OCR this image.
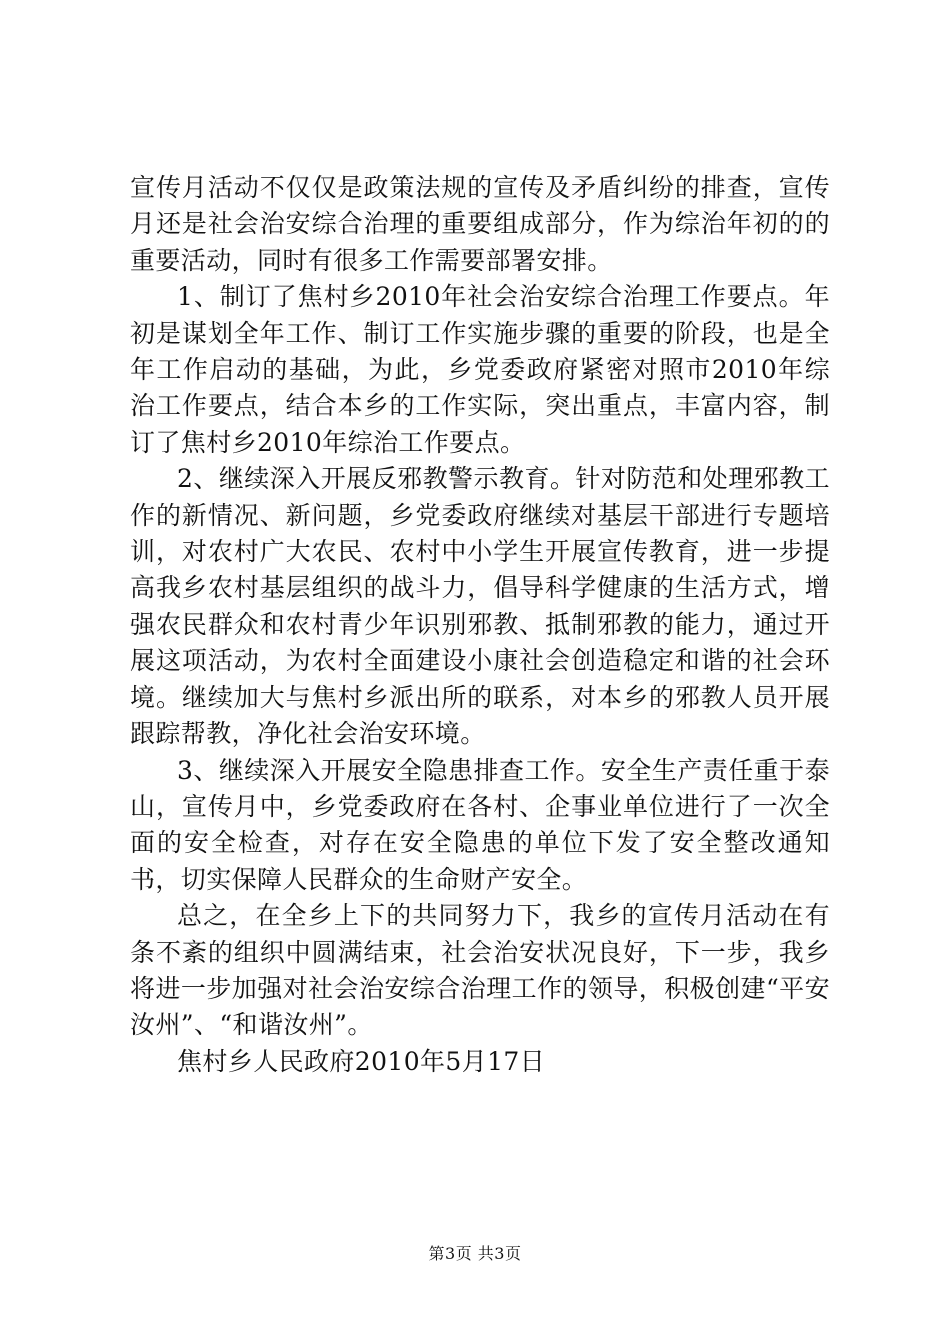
宣传月活动不仅仅是政策法规的宣传及矛盾纠纷的排查，宣传月还是社会治安综合治理的重要组成部分，作为综治年初的的重要活动，同时有很多工作需要部署安排。

1、制订了焦村乡2010年社会治安综合治理工作要点。年初是谋划全年工作、制订工作实施步骤的重要的阶段，也是全年工作启动的基础，为此，乡党委政府紧密对照市2010年综治工作要点，结合本乡的工作实际，突出重点，丰富内容，制订了焦村乡2010年综治工作要点。

2、继续深入开展反邪教警示教育。针对防范和处理邪教工作的新情况、新问题，乡党委政府继续对基层干部进行专题培训，对农村广大农民、农村中小学生开展宣传教育，进一步提高我乡农村基层组织的战斗力，倡导科学健康的生活方式，增强农民群众和农村青少年识别邪教、抵制邪教的能力，通过开展这项活动，为农村全面建设小康社会创造稳定和谐的社会环境。继续加大与焦村乡派出所的联系，对本乡的邪教人员开展跟踪帮教，净化社会治安环境。

3、继续深入开展安全隐患排查工作。安全生产责任重于泰山，宣传月中，乡党委政府在各村、企事业单位进行了一次全面的安全检查，对存在安全隐患的单位下发了安全整改通知书，切实保障人民群众的生命财产安全。

总之，在全乡上下的共同努力下，我乡的宣传月活动在有条不紊的组织中圆满结束，社会治安状况良好，下一步，我乡将进一步加强对社会治安综合治理工作的领导，积极创建“平安汝州”、“和谐汝州”。

焦村乡人民政府2010年5月17日

第3页 共3页
